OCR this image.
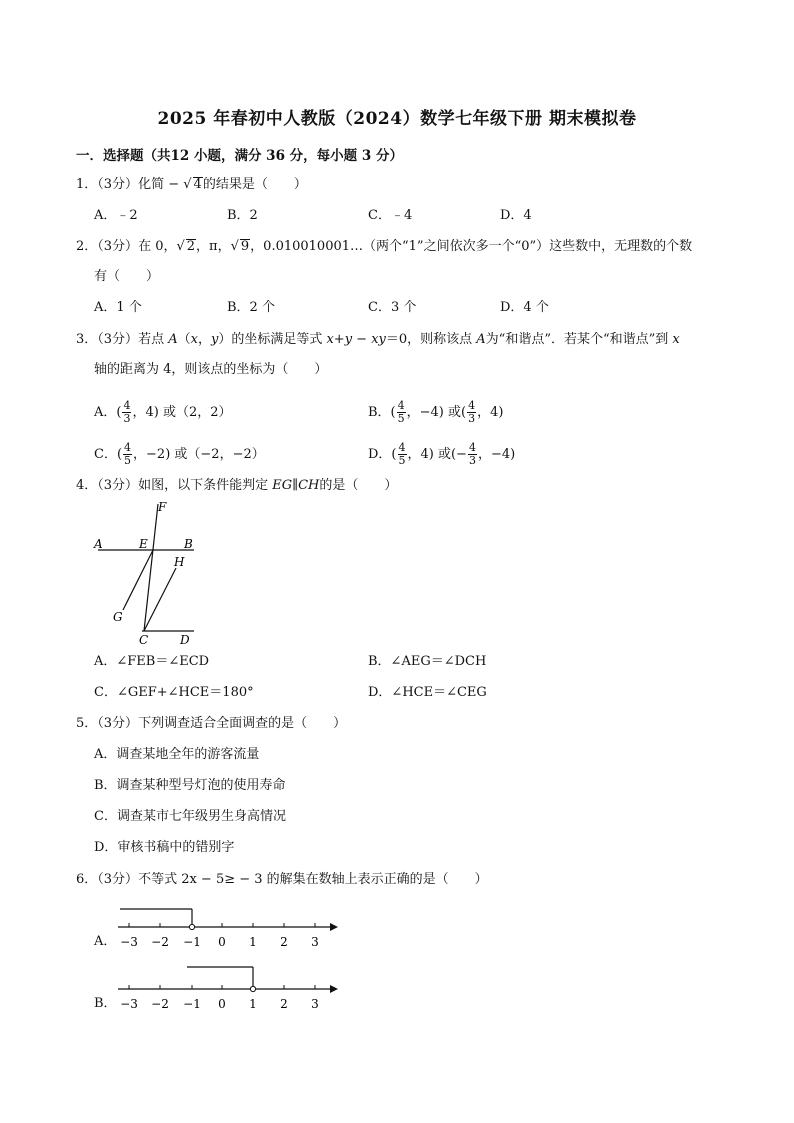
2025 年春初中人教版（2024）数学七年级下册 期末模拟卷
一．选择题（共12 小题，满分 36 分，每小题 3 分）
1．（3分）化简 − √ 4的结果是（　　）
A．﹣2	B．2	C．﹣4	D．4
2．（3分）在 0，√ 2，π，√ 9，0.010010001…（两个“1”之间依次多一个“0”）这些数中，无理数的个数
有（　　）
A．1 个	B．2 个	C．3 个	D．4 个
3．（3分）若点 A（x，y）的坐标满足等式 x+y − xy＝0，则称该点 A为“和谐点”．若某个“和谐点”到 x
轴的距离为 4，则该点的坐标为（　　）
A．( $\frac{4}{3}$ ，4) 或（2，2）	B．( $\frac{4}{5}$ ，−4) 或( $\frac{4}{3}$ ，4)
C．( $\frac{4}{5}$ ，−2) 或（−2，−2）	D．( $\frac{4}{5}$ ，4) 或(− $\frac{4}{3}$ ，−4)
4．（3分）如图，以下条件能判定 EG∥CH的是（　　）
A	E	B
F
H
G
C	D
A．∠FEB＝∠ECD	B．∠AEG＝∠DCH
C．∠GEF+∠HCE＝180°	D．∠HCE＝∠CEG
5．（3分）下列调查适合全面调查的是（　　）
A．调查某地全年的游客流量
B．调查某种型号灯泡的使用寿命
C．调查某市七年级男生身高情况
D．审核书稿中的错别字
6．（3分）不等式 2x − 5≥ − 3 的解集在数轴上表示正确的是（　　）
A． −3 −2 −1 0 1 2 3
B． −3 −2 −1 0 1 2 3
